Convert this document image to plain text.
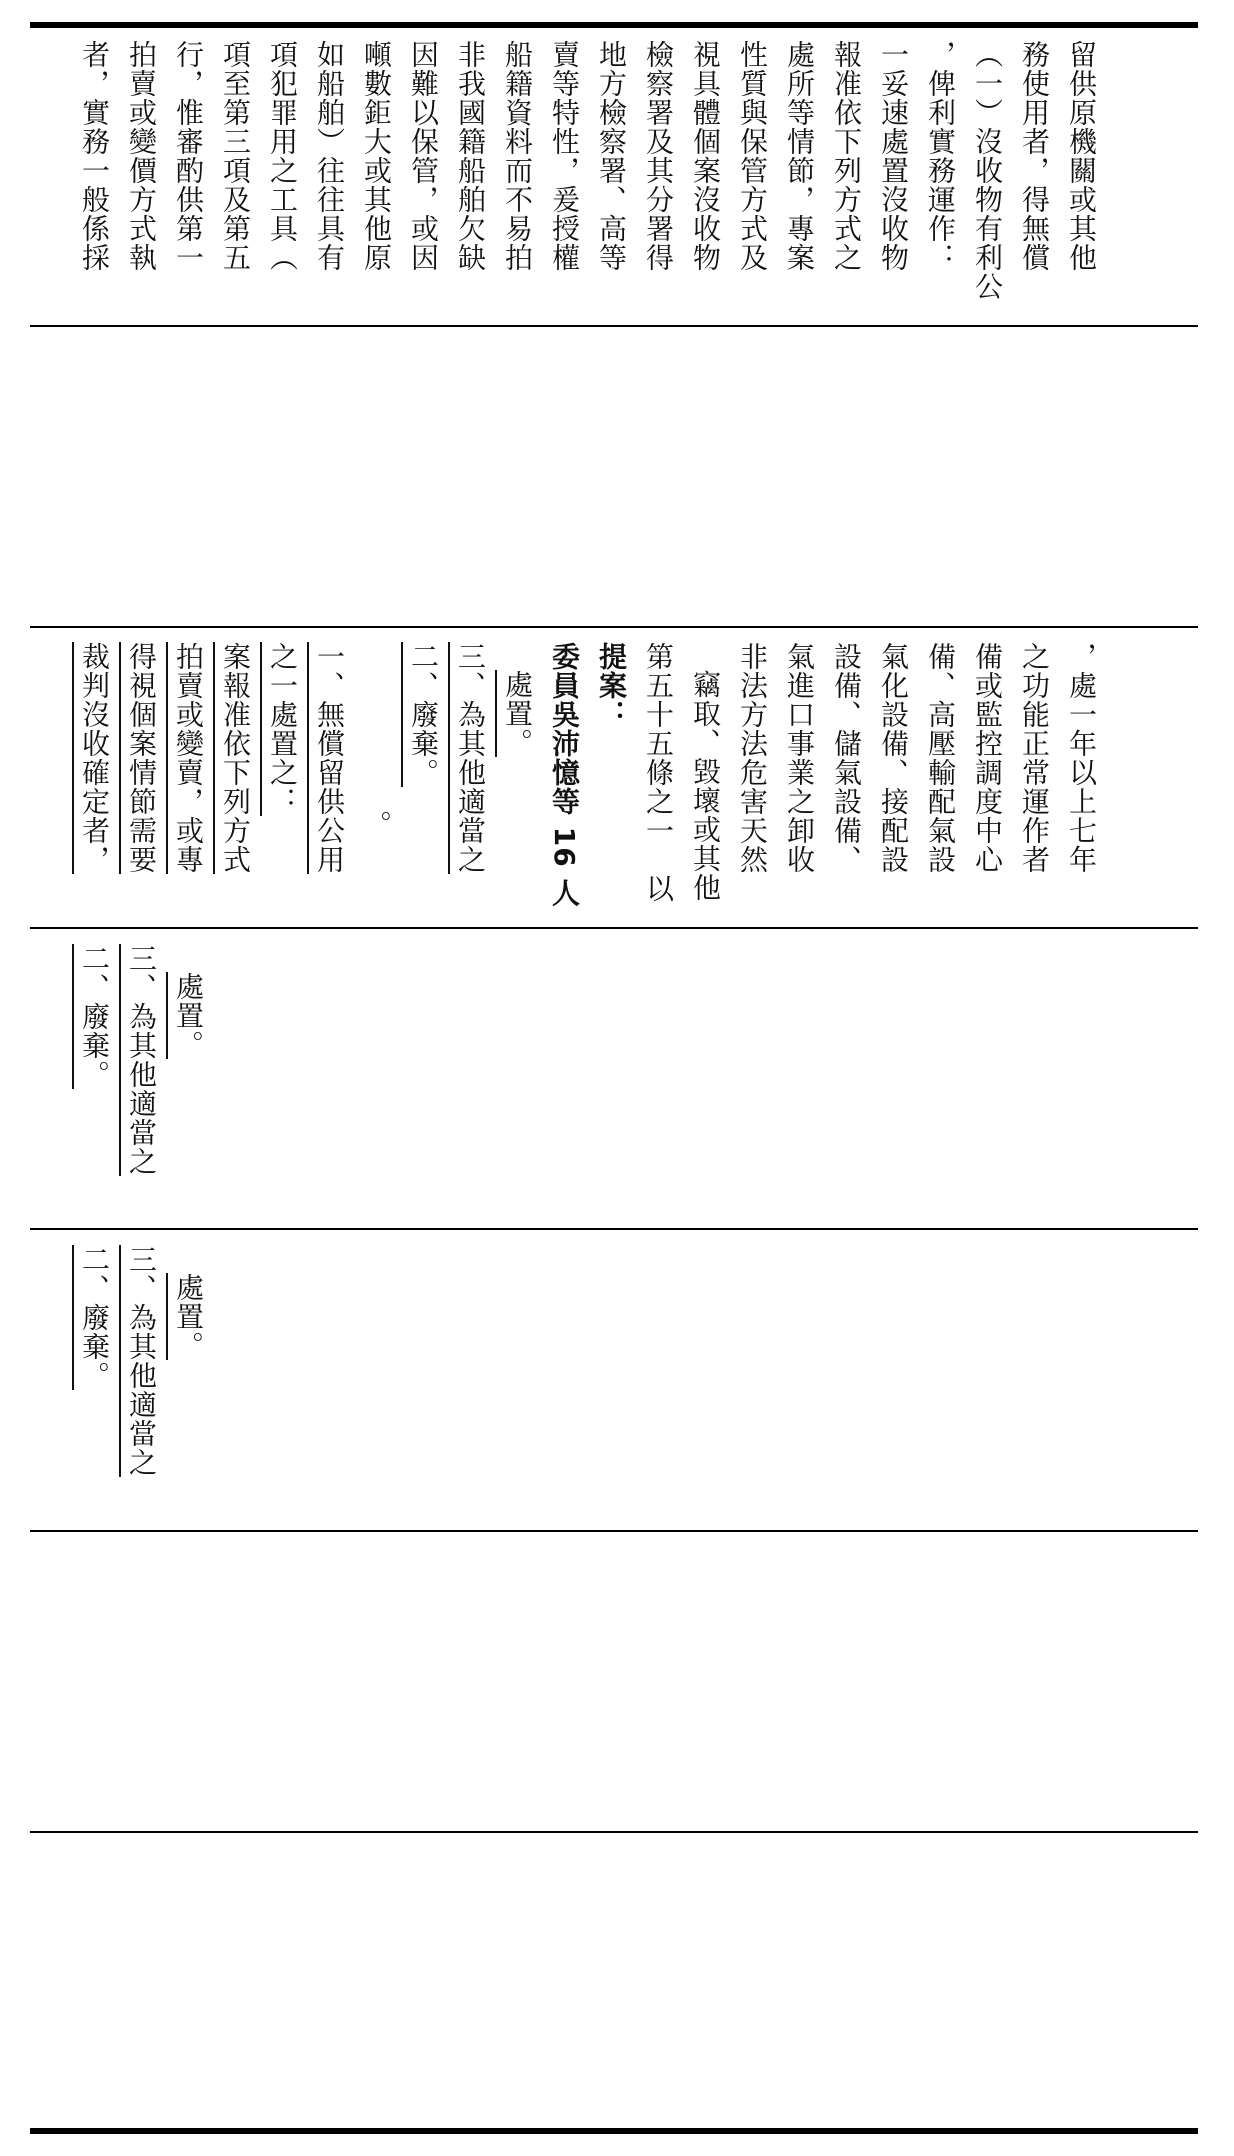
者，實務一般係採 拍賣或變價方式執 行，惟審酌供第一 項至第三項及第五 項犯罪用之工具（ 如船舶）往往具有 噸數鉅大或其他原 因難以保管，或因 非我國籍船舶欠缺 船籍資料而不易拍 賣等特性，爰授權 地方檢察署、高等 檢察署及其分署得 視具體個案沒收物 性質與保管方式及 處所等情節，專案 報准依下列方式之 一妥速處置沒收物 ，俾利實務運作： （一）沒收物有利公 務使用者，得無償 留供原機關或其他
裁判沒收確定者， 得視個案情節需要 拍賣或變賣，或專 案報准依下列方式 之一處置之： 一、無償留供公用 。
二、廢棄。 三、為其他適當之 處置。 委員吳沛憶等 16 人 提案： 第五十五條之一　以 竊取、毀壞或其他 非法方法危害天然 氣進口事業之卸收 設備、儲氣設備、 氣化設備、接配設 備、高壓輸配氣設 備或監控調度中心 之功能正常運作者 ，處一年以上七年
二、廢棄。 三、為其他適當之 處置。
二、廢棄。 三、為其他適當之 處置。
